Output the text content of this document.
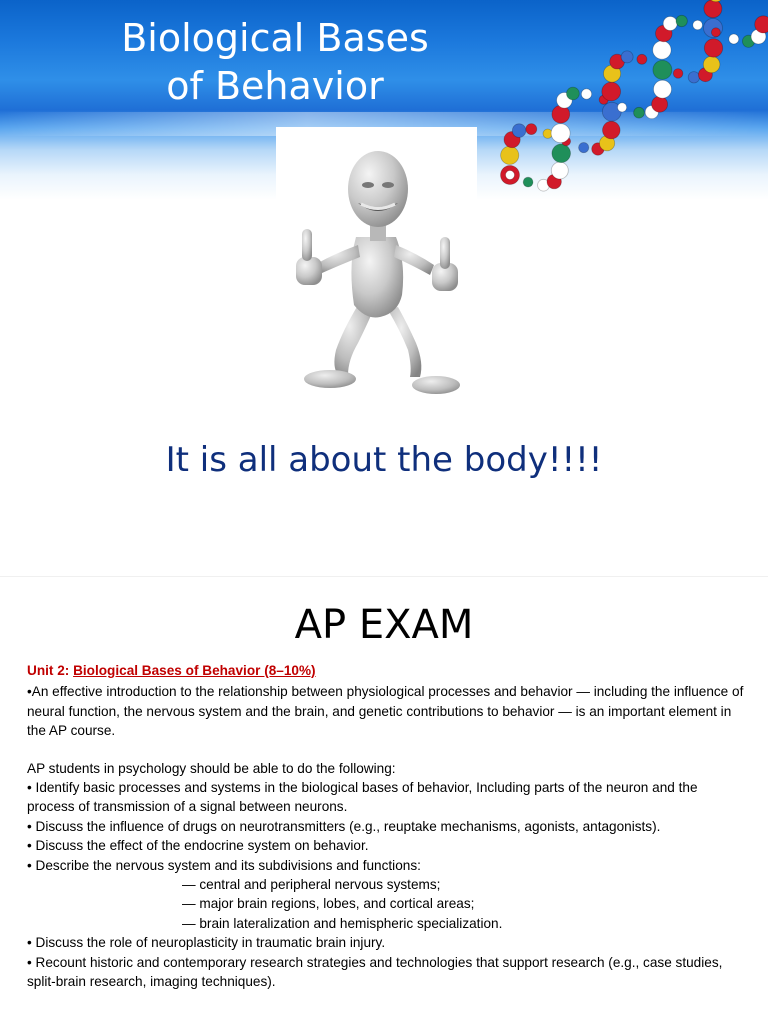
Biological Bases
of Behavior
It is all about the body!!!!
AP EXAM

Unit 2: Biological Bases of Behavior (8–10%)

•An effective introduction to the relationship between physiological processes and behavior — including the influence of neural function, the nervous system and the brain, and genetic contributions to behavior — is an important element in the AP course.

AP students in psychology should be able to do the following:

• Identify basic processes and systems in the biological bases of behavior, Including parts of the neuron and the process of transmission of a signal between neurons.

• Discuss the influence of drugs on neurotransmitters (e.g., reuptake mechanisms, agonists, antagonists).

• Discuss the effect of the endocrine system on behavior.

• Describe the nervous system and its subdivisions and functions:

— central and peripheral nervous systems;

— major brain regions, lobes, and cortical areas;

— brain lateralization and hemispheric specialization.

• Discuss the role of neuroplasticity in traumatic brain injury.

• Recount historic and contemporary research strategies and technologies that support research (e.g., case studies, split-brain research, imaging techniques).
